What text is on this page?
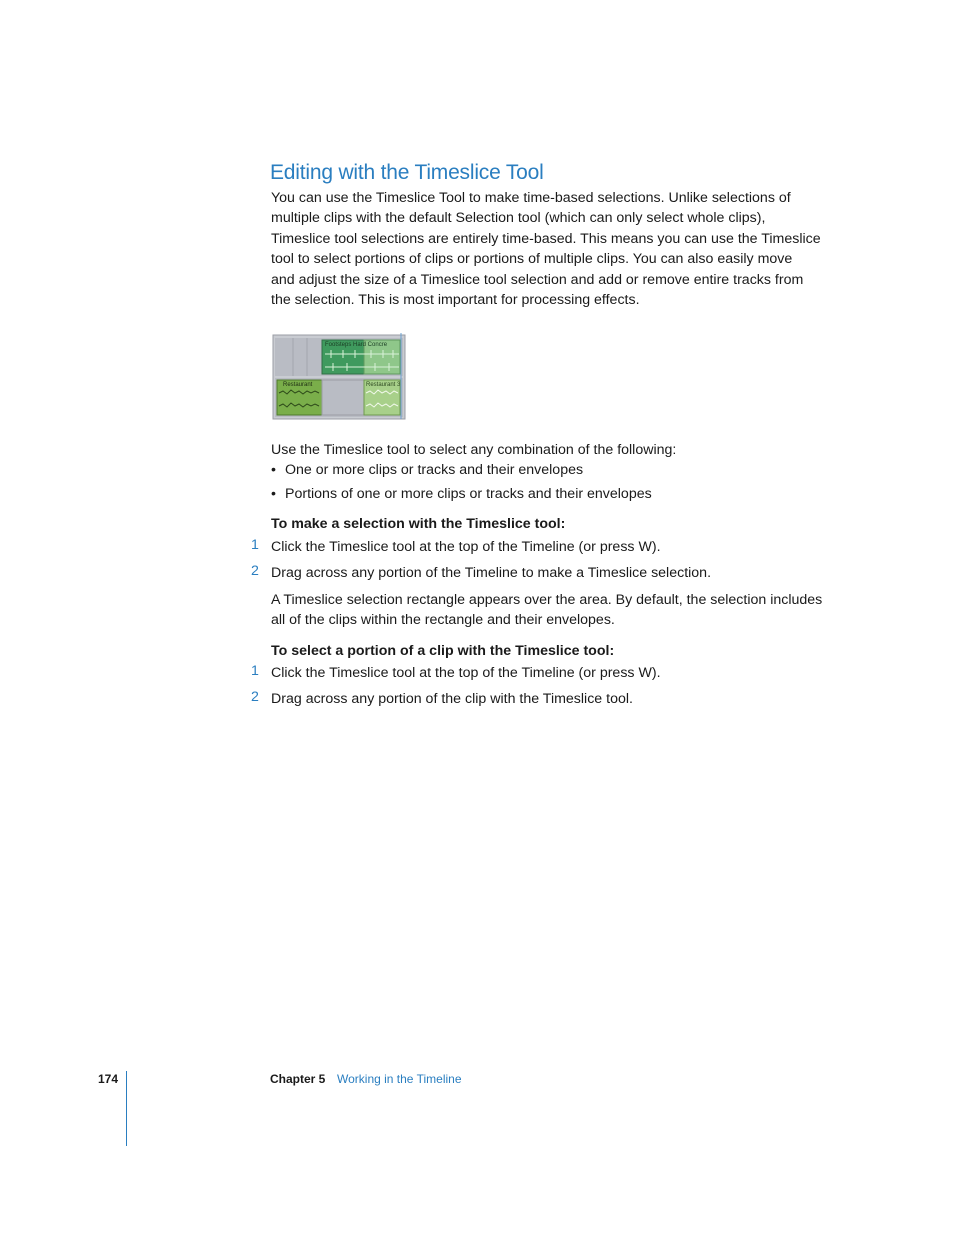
Editing with the Timeslice Tool
You can use the Timeslice Tool to make time-based selections. Unlike selections of
multiple clips with the default Selection tool (which can only select whole clips),
Timeslice tool selections are entirely time-based. This means you can use the Timeslice
tool to select portions of clips or portions of multiple clips. You can also easily move
and adjust the size of a Timeslice tool selection and add or remove entire tracks from
the selection. This is most important for processing effects.
Footsteps Hard Concre
Restaurant	Restaurant 3
Use the Timeslice tool to select any combination of the following:
• One or more clips or tracks and their envelopes
• Portions of one or more clips or tracks and their envelopes
To make a selection with the Timeslice tool:
1 Click the Timeslice tool at the top of the Timeline (or press W).
2 Drag across any portion of the Timeline to make a Timeslice selection.
A Timeslice selection rectangle appears over the area. By default, the selection includes
all of the clips within the rectangle and their envelopes.
To select a portion of a clip with the Timeslice tool:
1 Click the Timeslice tool at the top of the Timeline (or press W).
2 Drag across any portion of the clip with the Timeslice tool.
174	Chapter 5 Working in the Timeline
